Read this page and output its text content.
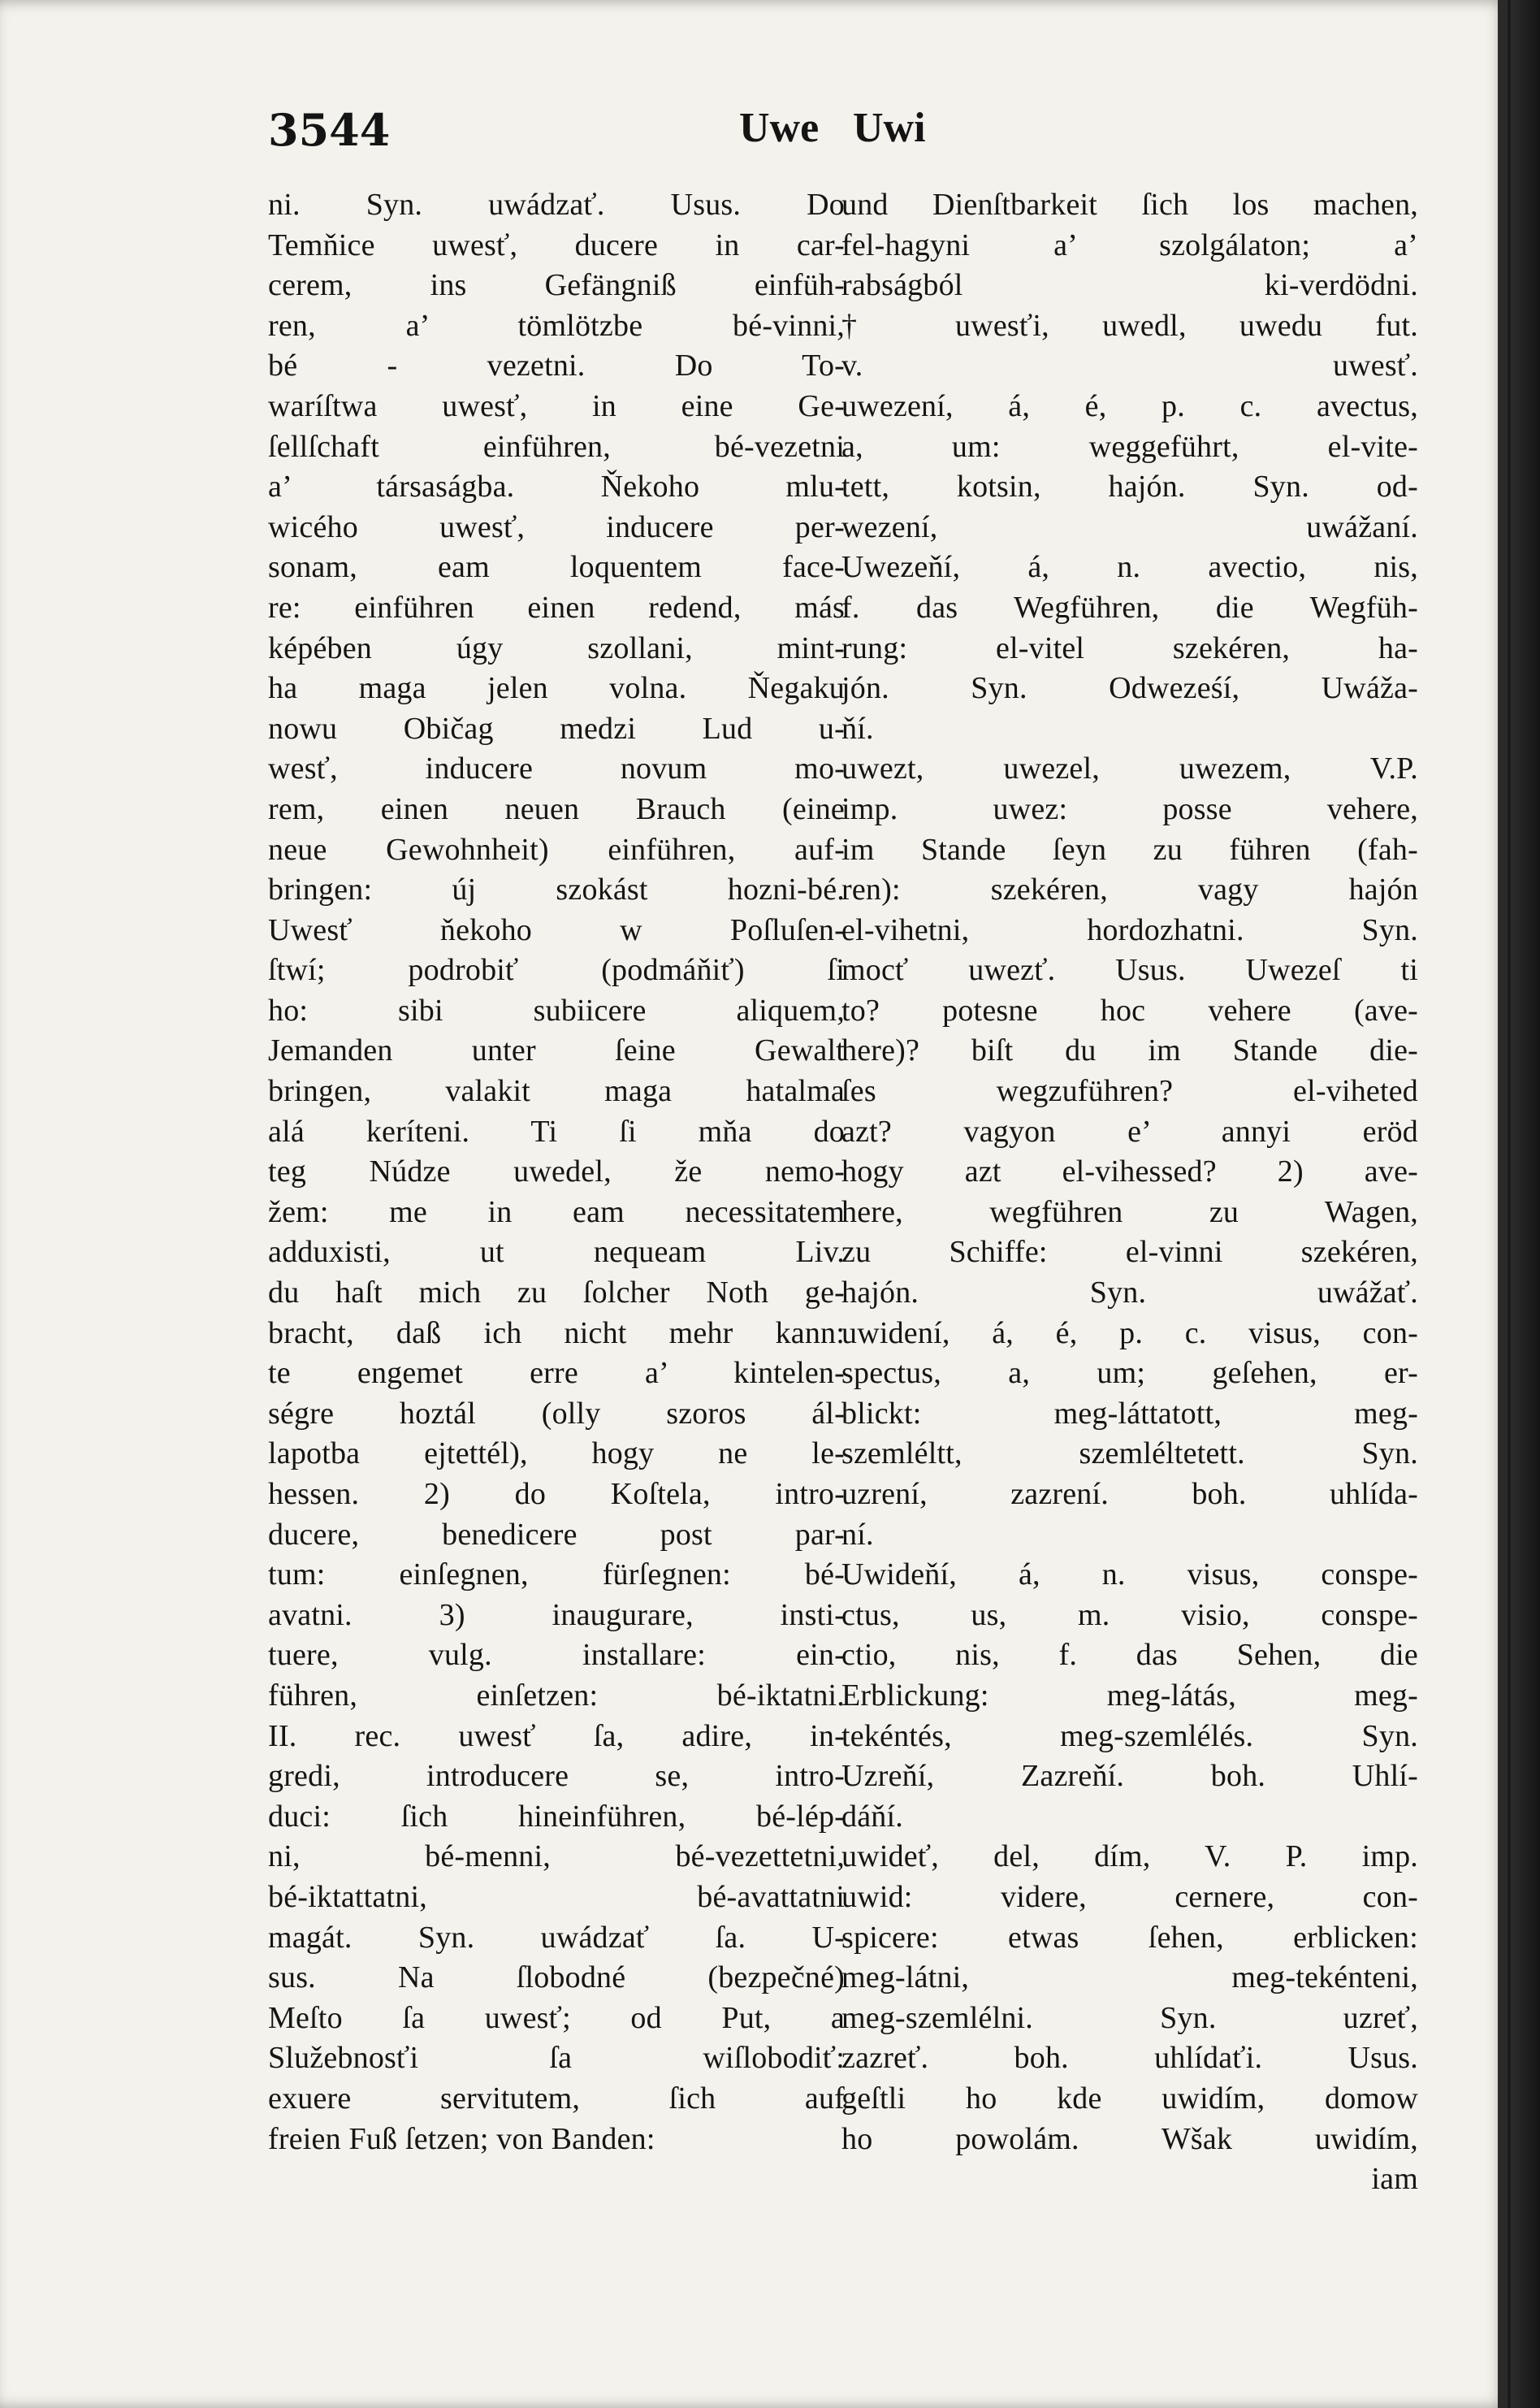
3544	Uwe Uwi
ni. Syn. uwádzať. Usus. Do
Temňice uwesť, ducere in car-
cerem, ins Gefängniß einfüh-
ren, a’ tömlötzbe bé-vinni,
bé - vezetni. Do To-
waríſtwa uwesť, in eine Ge-
ſellſchaft einführen, bé-vezetni
a’ társaságba. Ňekoho mlu-
wicého uwesť, inducere per-
sonam, eam loquentem face-
re: einführen einen redend, más
képében úgy szollani, mint-
ha maga jelen volna. Ňegaku
nowu Običag medzi Lud u-
wesť, inducere novum mo-
rem, einen neuen Brauch (eine
neue Gewohnheit) einführen, auf-
bringen: új szokást hozni-bé.
Uwesť ňekoho w Poſluſen-
ſtwí; podrobiť (podmáňiť) ſi
ho: sibi subiicere aliquem,
Jemanden unter ſeine Gewalt
bringen, valakit maga hatalma
alá keríteni. Ti ſi mňa do
teg Núdze uwedel, že nemo-
žem: me in eam necessitatem
adduxisti, ut nequeam Liv.
du haſt mich zu ſolcher Noth ge-
bracht, daß ich nicht mehr kann:
te engemet erre a’ kintelen-
ségre hoztál (olly szoros ál-
lapotba ejtettél), hogy ne le-
hessen. 2) do Koſtela, intro-
ducere, benedicere post par-
tum: einſegnen, fürſegnen: bé-
avatni. 3) inaugurare, insti-
tuere, vulg. installare: ein-
führen, einſetzen: bé-iktatni.
II. rec. uwesť ſa, adire, in-
gredi, introducere se, intro-
duci: ſich hineinführen, bé-lép-
ni, bé-menni, bé-vezettetni,
bé-iktattatni, bé-avattatni
magát. Syn. uwádzať ſa. U-
sus. Na ſlobodné (bezpečné)
Meſto ſa uwesť; od Put, a
Služebnosťi ſa wiſlobodiť:
exuere servitutem, ſich auf
freien Fuß ſetzen; von Banden:
und Dienſtbarkeit ſich los machen,
fel-hagyni a’ szolgálaton; a’
rabságból ki-verdödni.
† uwesťi, uwedl, uwedu fut.
v. uwesť.
uwezení, á, é, p. c. avectus,
a, um: weggeführt, el-vite-
tett, kotsin, hajón. Syn. od-
wezení, uwážaní.
Uwezeňí, á, n. avectio, nis,
f. das Wegführen, die Wegfüh-
rung: el-vitel szekéren, ha-
jón. Syn. Odweześí, Uwáža-
ňí.
uwezt, uwezel, uwezem, V.P.
imp. uwez: posse vehere,
im Stande ſeyn zu führen (fah-
ren): szekéren, vagy hajón
el-vihetni, hordozhatni. Syn.
mocť uwezť. Usus. Uwezeſ ti
to? potesne hoc vehere (ave-
here)? biſt du im Stande die-
ſes wegzuführen? el-viheted
azt? vagyon e’ annyi eröd
hogy azt el-vihessed? 2) ave-
here, wegführen zu Wagen,
zu Schiffe: el-vinni szekéren,
hajón. Syn. uwážať.
uwidení, á, é, p. c. visus, con-
spectus, a, um; geſehen, er-
blickt: meg-láttatott, meg-
szemléltt, szemléltetett. Syn.
uzrení, zazrení. boh. uhlída-
ní.
Uwideňí, á, n. visus, conspe-
ctus, us, m. visio, conspe-
ctio, nis, f. das Sehen, die
Erblickung: meg-látás, meg-
tekéntés, meg-szemlélés. Syn.
Uzreňí, Zazreňí. boh. Uhlí-
dáňí.
uwideť, del, dím, V. P. imp.
uwid: videre, cernere, con-
spicere: etwas ſehen, erblicken:
meg-látni, meg-tekénteni,
meg-szemlélni. Syn. uzreť,
zazreť. boh. uhlídaťi. Usus.
geſtli ho kde uwidím, domow
ho powolám. Wšak uwidím,
iam
